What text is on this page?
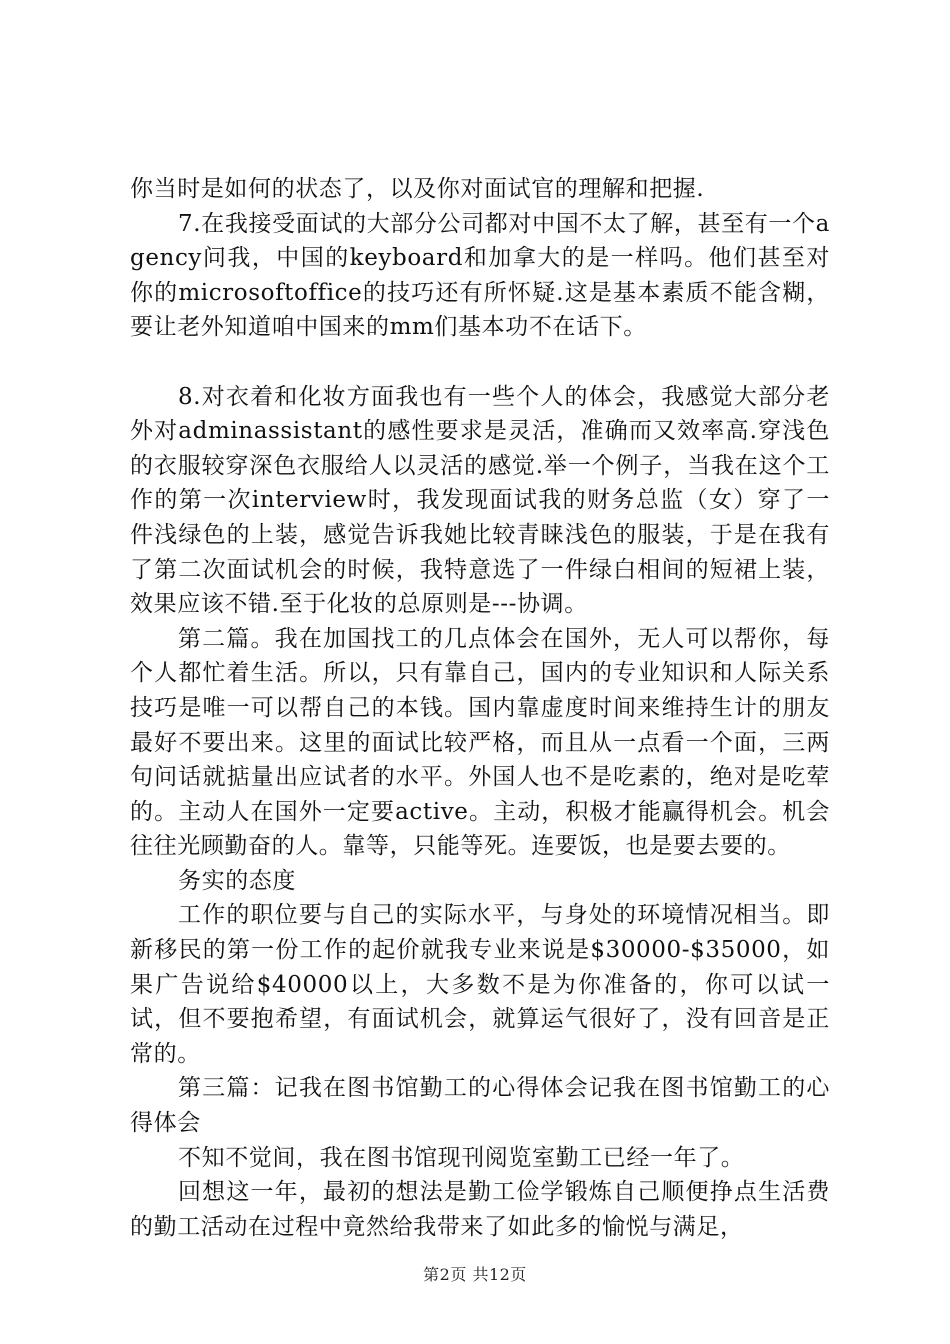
你当时是如何的状态了，以及你对面试官的理解和把握.

7.在我接受面试的大部分公司都对中国不太了解，甚至有一个agency问我，中国的keyboard和加拿大的是一样吗。他们甚至对你的microsoftoffice的技巧还有所怀疑.这是基本素质不能含糊，要让老外知道咱中国来的mm们基本功不在话下。

8.对衣着和化妆方面我也有一些个人的体会，我感觉大部分老外对adminassistant的感性要求是灵活，准确而又效率高.穿浅色的衣服较穿深色衣服给人以灵活的感觉.举一个例子，当我在这个工作的第一次interview时，我发现面试我的财务总监（女）穿了一件浅绿色的上装，感觉告诉我她比较青睐浅色的服装，于是在我有了第二次面试机会的时候，我特意选了一件绿白相间的短裙上装，效果应该不错.至于化妆的总原则是---协调。

第二篇。我在加国找工的几点体会在国外，无人可以帮你，每个人都忙着生活。所以，只有靠自己，国内的专业知识和人际关系技巧是唯一可以帮自己的本钱。国内靠虚度时间来维持生计的朋友最好不要出来。这里的面试比较严格，而且从一点看一个面，三两句问话就掂量出应试者的水平。外国人也不是吃素的，绝对是吃荤的。主动人在国外一定要active。主动，积极才能赢得机会。机会往往光顾勤奋的人。靠等，只能等死。连要饭，也是要去要的。

务实的态度

工作的职位要与自己的实际水平，与身处的环境情况相当。即新移民的第一份工作的起价就我专业来说是$30000-$35000，如果广告说给$40000以上，大多数不是为你准备的，你可以试一试，但不要抱希望，有面试机会，就算运气很好了，没有回音是正常的。

第三篇：记我在图书馆勤工的心得体会记我在图书馆勤工的心得体会

不知不觉间，我在图书馆现刊阅览室勤工已经一年了。

回想这一年，最初的想法是勤工俭学锻炼自己顺便挣点生活费的勤工活动在过程中竟然给我带来了如此多的愉悦与满足，

第2页 共12页
